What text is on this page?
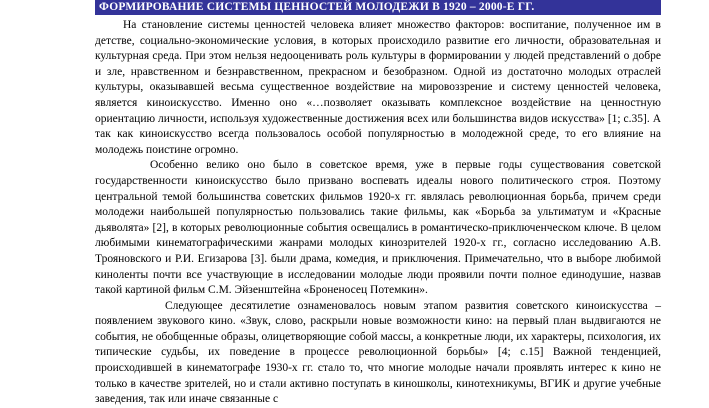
ФОРМИРОВАНИЕ СИСТЕМЫ ЦЕННОСТЕЙ МОЛОДЕЖИ В 1920 – 2000-Е ГГ.

На становление системы ценностей человека влияет множество факторов: воспитание, полученное им в детстве, социально-экономические условия, в которых происходило развитие его личности, образовательная и культурная среда. При этом нельзя недооценивать роль культуры в формировании у людей представлений о добре и зле, нравственном и безнравственном, прекрасном и безобразном. Одной из достаточно молодых отраслей культуры, оказывавшей весьма существенное воздействие на мировоззрение и систему ценностей человека, является киноискусство. Именно оно «…позволяет оказывать комплексное воздействие на ценностную ориентацию личности, используя художественные достижения всех или большинства видов искусства» [1; с.35]. А так как киноискусство всегда пользовалось особой популярностью в молодежной среде, то его влияние на молодежь поистине огромно.

Особенно велико оно было в советское время, уже в первые годы существования советской государственности киноискусство было призвано воспевать идеалы нового политического строя. Поэтому центральной темой большинства советских фильмов 1920-х гг. являлась революционная борьба, причем среди молодежи наибольшей популярностью пользовались такие фильмы, как «Борьба за ультиматум и «Красные дьяволята» [2], в которых революционные события освещались в романтическо-приключенческом ключе. В целом любимыми кинематографическими жанрами молодых кинозрителей 1920-х гг., согласно исследованию А.В. Трояновского и Р.И. Егизарова [3]. были драма, комедия, и приключения. Примечательно, что в выборе любимой киноленты почти все участвующие в исследовании молодые люди проявили почти полное единодушие, назвав такой картиной фильм С.М. Эйзенштейна «Броненосец Потемкин».

Следующее десятилетие ознаменовалось новым этапом развития советского киноискусства – появлением звукового кино. «Звук, слово, раскрыли новые возможности кино: на первый план выдвигаются не события, не обобщенные образы, олицетворяющие собой массы, а конкретные люди, их характеры, психология, их типические судьбы, их поведение в процессе революционной борьбы» [4; с.15] Важной тенденцией, происходившей в кинематографе 1930-х гг. стало то, что многие молодые начали проявлять интерес к кино не только в качестве зрителей, но и стали активно поступать в киношколы, кинотехникумы, ВГИК и другие учебные заведения, так или иначе связанные с
